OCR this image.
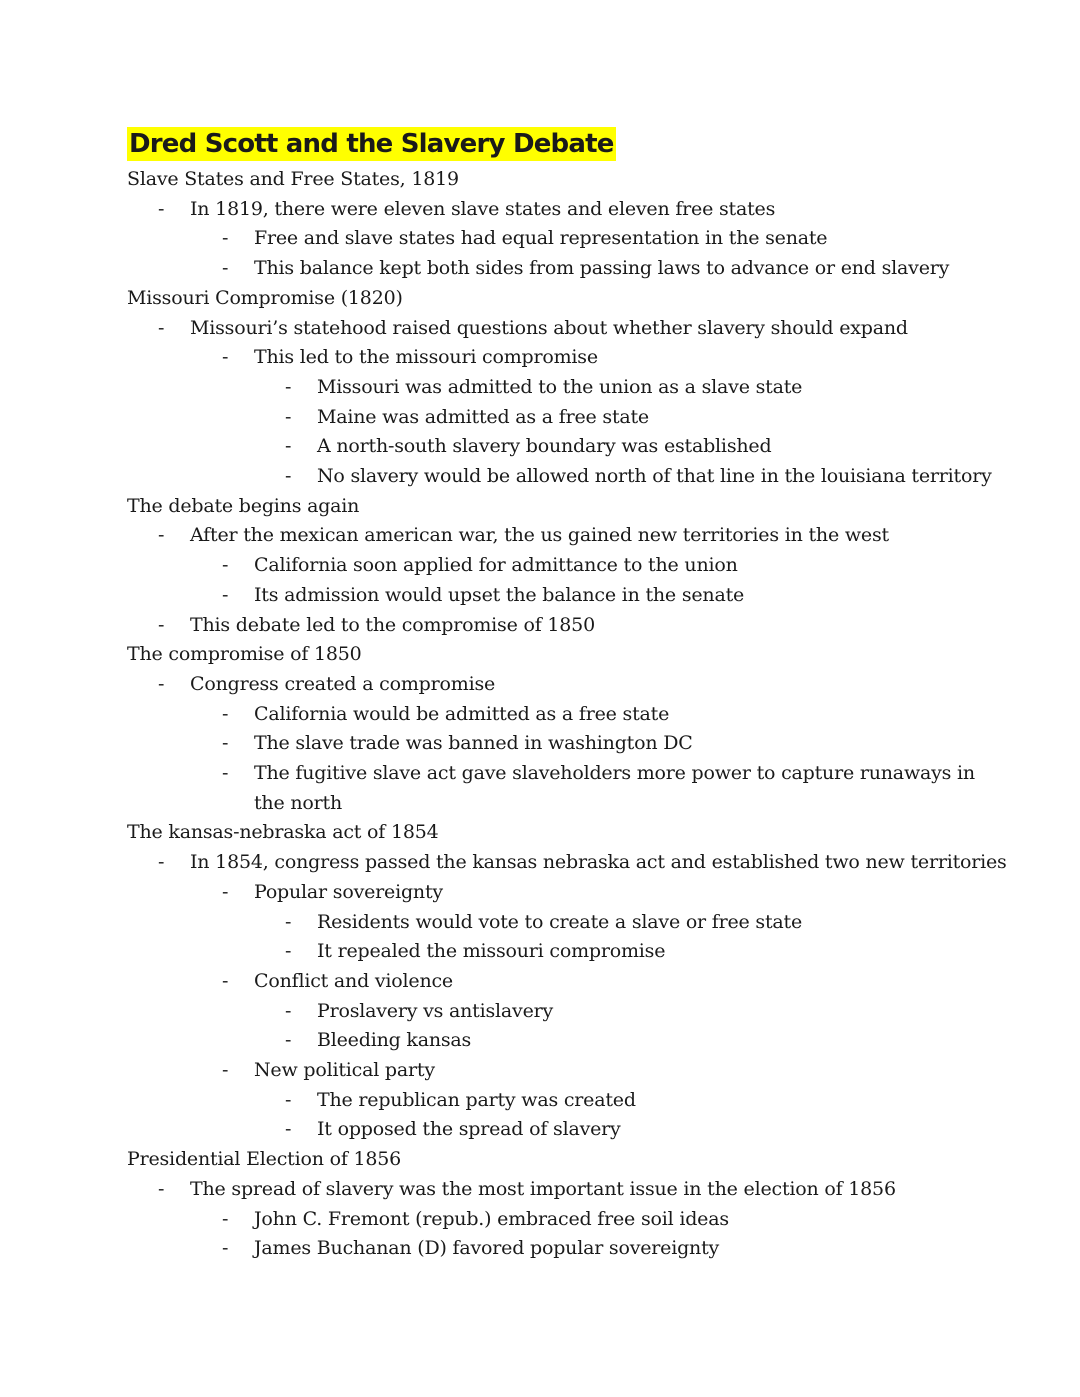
Dred Scott and the Slavery Debate
Slave States and Free States, 1819
- In 1819, there were eleven slave states and eleven free states
- Free and slave states had equal representation in the senate
- This balance kept both sides from passing laws to advance or end slavery
Missouri Compromise (1820)
- Missouri’s statehood raised questions about whether slavery should expand
- This led to the missouri compromise
- Missouri was admitted to the union as a slave state
- Maine was admitted as a free state
- A north-south slavery boundary was established
- No slavery would be allowed north of that line in the louisiana territory
The debate begins again
- After the mexican american war, the us gained new territories in the west
- California soon applied for admittance to the union
- Its admission would upset the balance in the senate
- This debate led to the compromise of 1850
The compromise of 1850
- Congress created a compromise
- California would be admitted as a free state
- The slave trade was banned in washington DC
- The fugitive slave act gave slaveholders more power to capture runaways in
the north
The kansas-nebraska act of 1854
- In 1854, congress passed the kansas nebraska act and established two new territories
- Popular sovereignty
- Residents would vote to create a slave or free state
- It repealed the missouri compromise
- Conflict and violence
- Proslavery vs antislavery
- Bleeding kansas
- New political party
- The republican party was created
- It opposed the spread of slavery
Presidential Election of 1856
- The spread of slavery was the most important issue in the election of 1856
- John C. Fremont (repub.) embraced free soil ideas
- James Buchanan (D) favored popular sovereignty
